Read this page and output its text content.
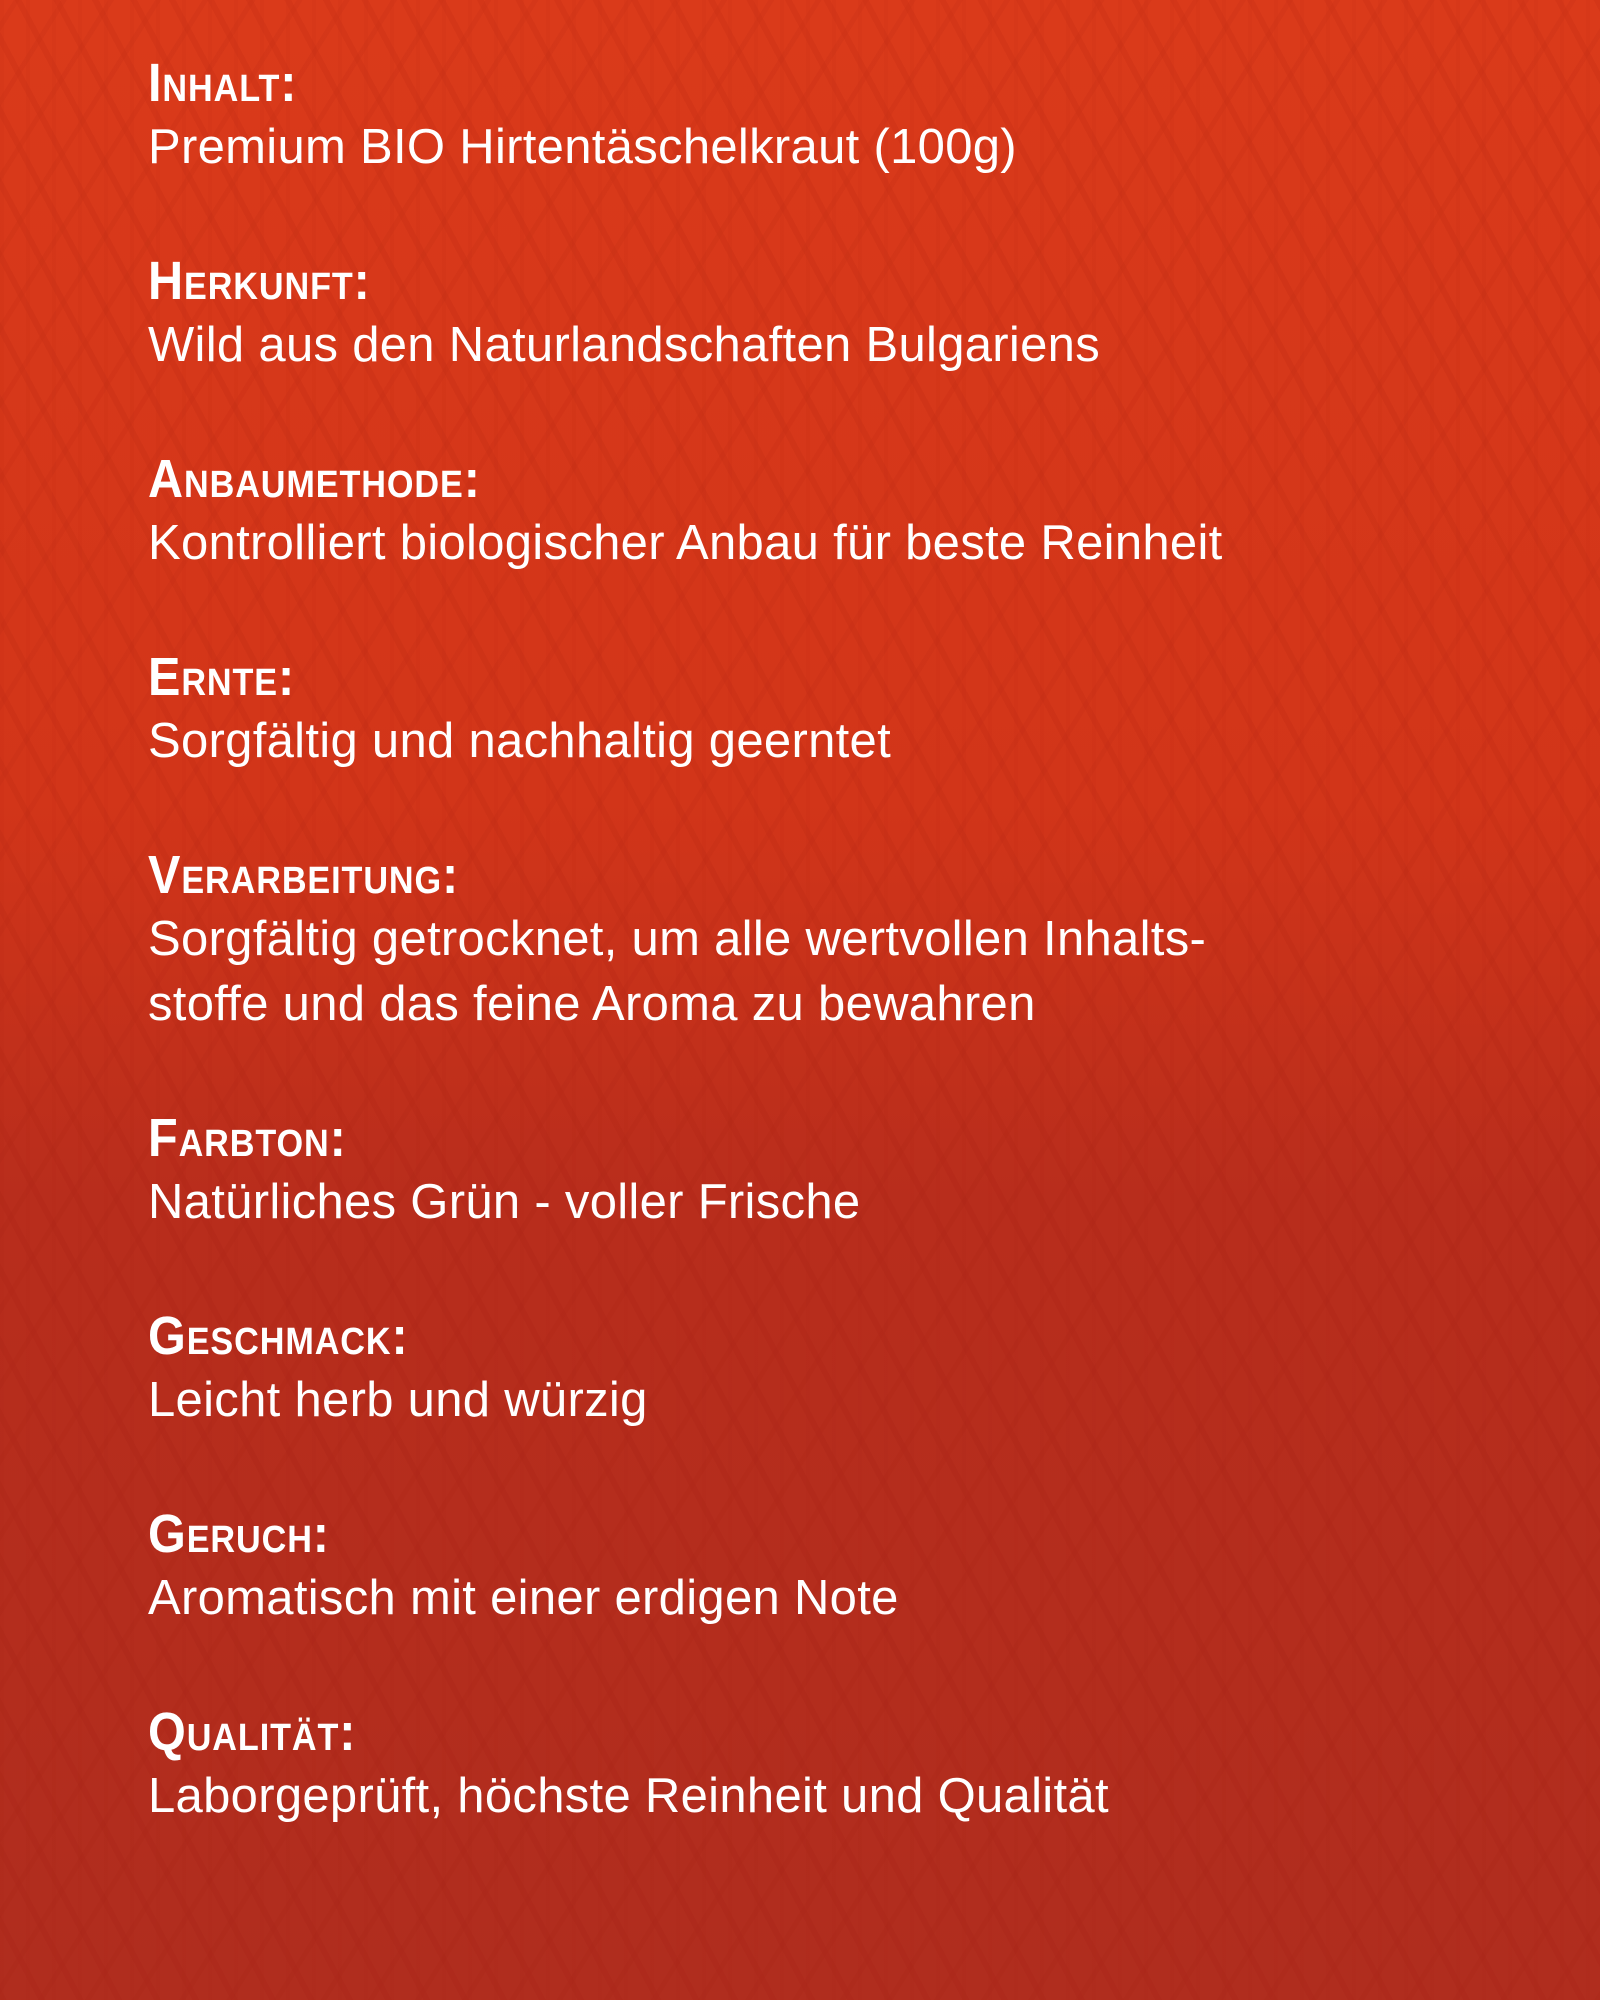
Inhalt:
Premium BIO Hirtentäschelkraut (100g)
Herkunft:
Wild aus den Naturlandschaften Bulgariens
Anbaumethode:
Kontrolliert biologischer Anbau für beste Reinheit
Ernte:
Sorgfältig und nachhaltig geerntet
Verarbeitung:
Sorgfältig getrocknet, um alle wertvollen Inhalts-
stoffe und das feine Aroma zu bewahren
Farbton:
Natürliches Grün - voller Frische
Geschmack:
Leicht herb und würzig
Geruch:
Aromatisch mit einer erdigen Note
Qualität:
Laborgeprüft, höchste Reinheit und Qualität
